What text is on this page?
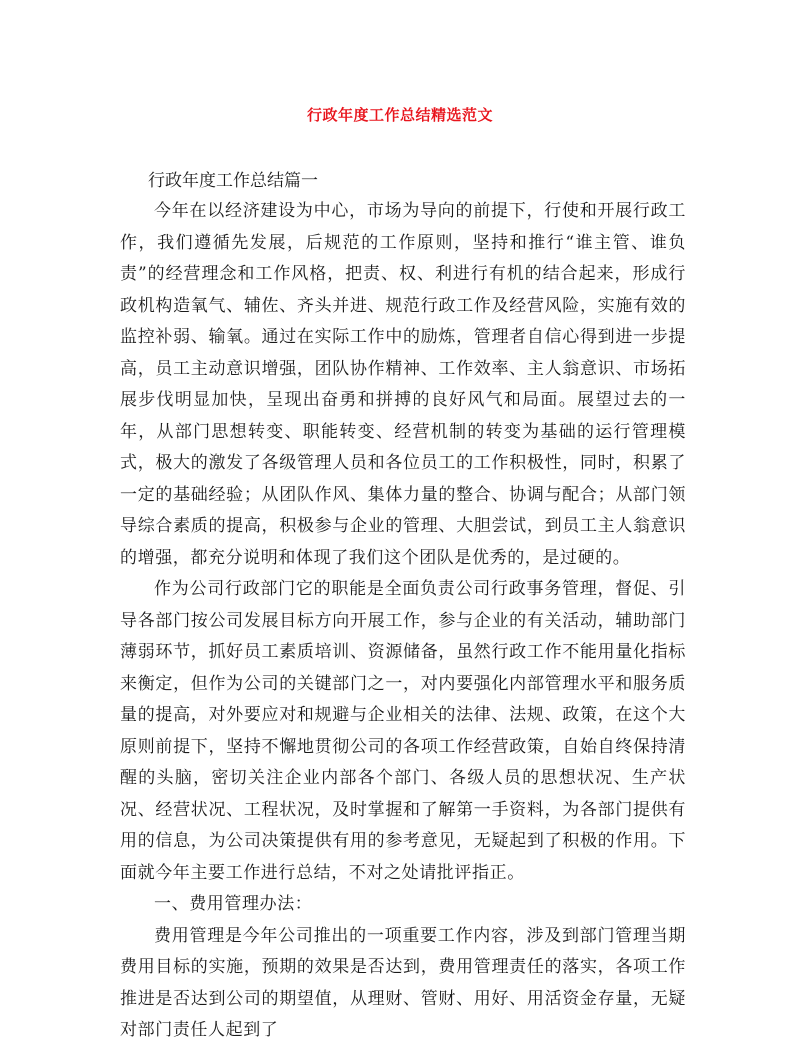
行政年度工作总结精选范文
行政年度工作总结篇一

今年在以经济建设为中心，市场为导向的前提下，行使和开展行政工作，我们遵循先发展，后规范的工作原则，坚持和推行“谁主管、谁负责”的经营理念和工作风格，把责、权、利进行有机的结合起来，形成行政机构造氧气、辅佐、齐头并进、规范行政工作及经营风险，实施有效的监控补弱、输氧。通过在实际工作中的励炼，管理者自信心得到进一步提高，员工主动意识增强，团队协作精神、工作效率、主人翁意识、市场拓展步伐明显加快，呈现出奋勇和拼搏的良好风气和局面。展望过去的一年，从部门思想转变、职能转变、经营机制的转变为基础的运行管理模式，极大的激发了各级管理人员和各位员工的工作积极性，同时，积累了一定的基础经验；从团队作风、集体力量的整合、协调与配合；从部门领导综合素质的提高，积极参与企业的管理、大胆尝试，到员工主人翁意识的增强，都充分说明和体现了我们这个团队是优秀的，是过硬的。

作为公司行政部门它的职能是全面负责公司行政事务管理，督促、引导各部门按公司发展目标方向开展工作，参与企业的有关活动，辅助部门薄弱环节，抓好员工素质培训、资源储备，虽然行政工作不能用量化指标来衡定，但作为公司的关键部门之一，对内要强化内部管理水平和服务质量的提高，对外要应对和规避与企业相关的法律、法规、政策，在这个大原则前提下，坚持不懈地贯彻公司的各项工作经营政策，自始自终保持清醒的头脑，密切关注企业内部各个部门、各级人员的思想状况、生产状况、经营状况、工程状况，及时掌握和了解第一手资料，为各部门提供有用的信息，为公司决策提供有用的参考意见，无疑起到了积极的作用。下面就今年主要工作进行总结，不对之处请批评指正。

一、费用管理办法：

费用管理是今年公司推出的一项重要工作内容，涉及到部门管理当期费用目标的实施，预期的效果是否达到，费用管理责任的落实，各项工作推进是否达到公司的期望值，从理财、管财、用好、用活资金存量，无疑对部门责任人起到了
